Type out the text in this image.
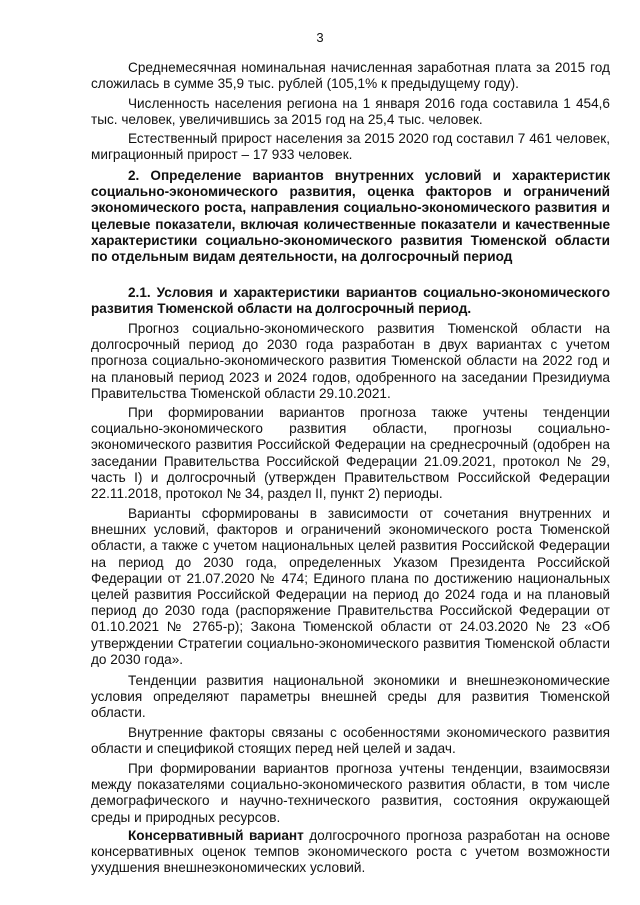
3

Среднемесячная номинальная начисленная заработная плата за 2015 год сложилась в сумме 35,9 тыс. рублей (105,1% к предыдущему году).

Численность населения региона на 1 января 2016 года составила 1 454,6 тыс. человек, увеличившись за 2015 год на 25,4 тыс. человек.

Естественный прирост населения за 2015 2020 год составил 7 461 человек, миграционный прирост – 17 933 человек.

2. Определение вариантов внутренних условий и характеристик социально-экономического развития, оценка факторов и ограничений экономического роста, направления социально-экономического развития и целевые показатели, включая количественные показатели и качественные характеристики социально-экономического развития Тюменской области по отдельным видам деятельности, на долгосрочный период

2.1. Условия и характеристики вариантов социально-экономического развития Тюменской области на долгосрочный период.

Прогноз социально-экономического развития Тюменской области на долгосрочный период до 2030 года разработан в двух вариантах с учетом прогноза социально-экономического развития Тюменской области на 2022 год и на плановый период 2023 и 2024 годов, одобренного на заседании Президиума Правительства Тюменской области 29.10.2021.

При формировании вариантов прогноза также учтены тенденции социально-экономического развития области, прогнозы социально-экономического развития Российской Федерации на среднесрочный (одобрен на заседании Правительства Российской Федерации 21.09.2021, протокол № 29, часть I) и долгосрочный (утвержден Правительством Российской Федерации 22.11.2018, протокол № 34, раздел II, пункт 2) периоды.

Варианты сформированы в зависимости от сочетания внутренних и внешних условий, факторов и ограничений экономического роста Тюменской области, а также с учетом национальных целей развития Российской Федерации на период до 2030 года, определенных Указом Президента Российской Федерации от 21.07.2020 № 474; Единого плана по достижению национальных целей развития Российской Федерации на период до 2024 года и на плановый период до 2030 года (распоряжение Правительства Российской Федерации от 01.10.2021 № 2765-р); Закона Тюменской области от 24.03.2020 № 23 «Об утверждении Стратегии социально-экономического развития Тюменской области до 2030 года».

Тенденции развития национальной экономики и внешнеэкономические условия определяют параметры внешней среды для развития Тюменской области.

Внутренние факторы связаны с особенностями экономического развития области и спецификой стоящих перед ней целей и задач.

При формировании вариантов прогноза учтены тенденции, взаимосвязи между показателями социально-экономического развития области, в том числе демографического и научно-технического развития, состояния окружающей среды и природных ресурсов.

Консервативный вариант долгосрочного прогноза разработан на основе консервативных оценок темпов экономического роста с учетом возможности ухудшения внешнеэкономических условий.
